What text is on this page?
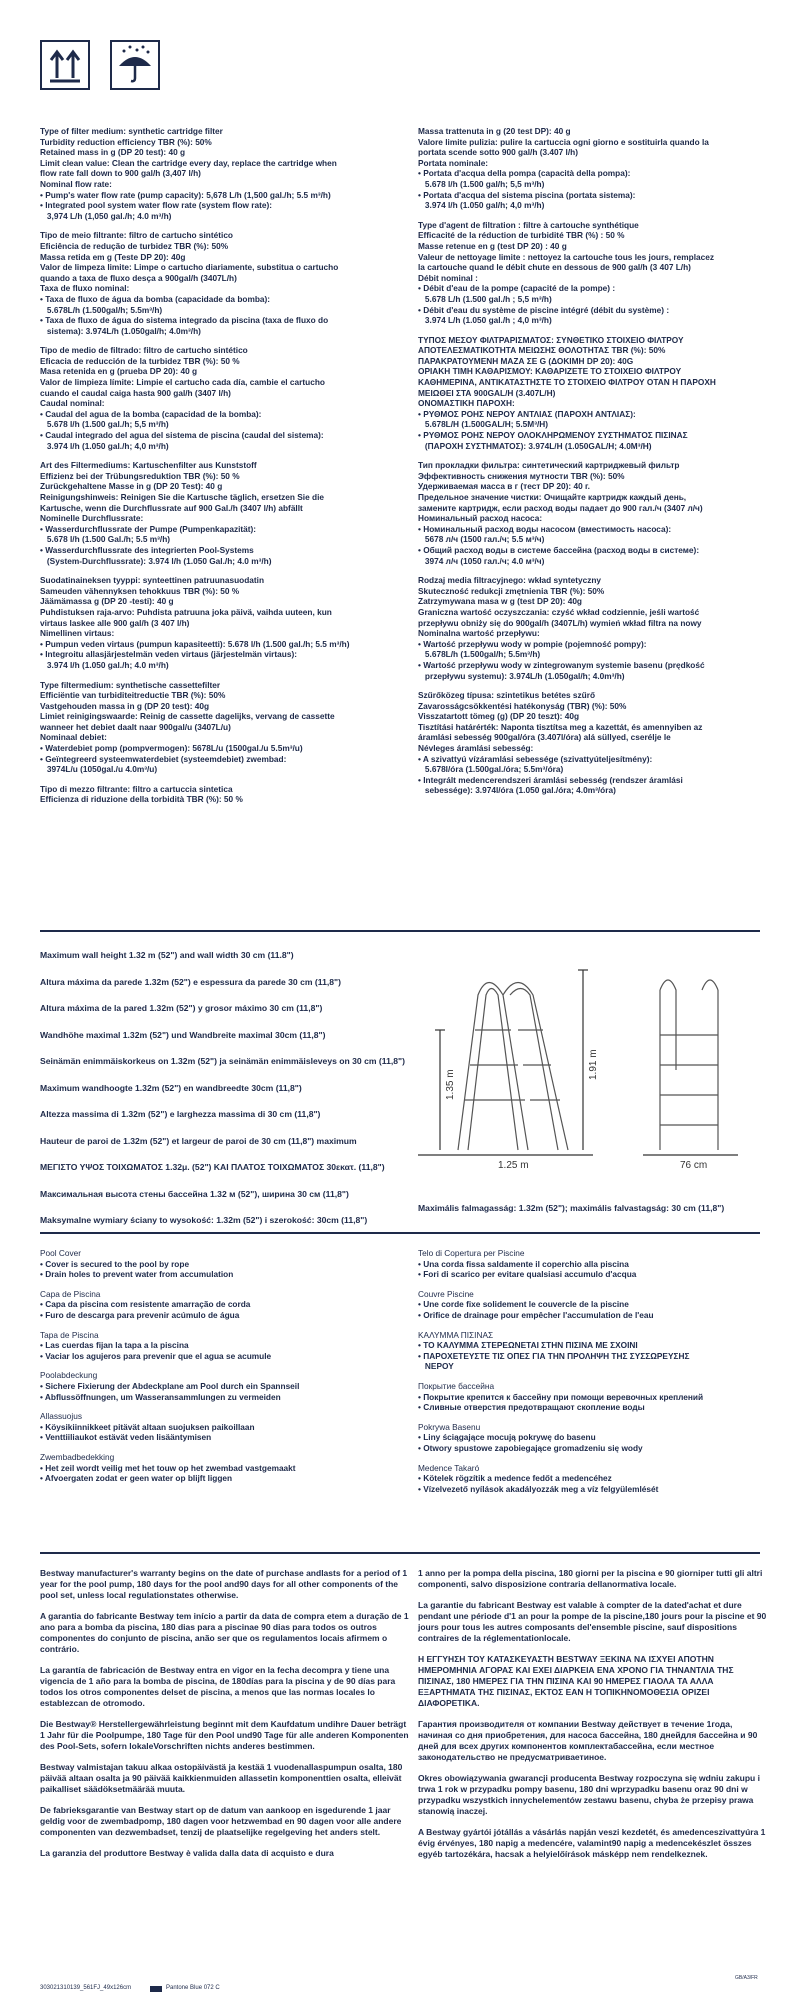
Type of filter medium: synthetic cartridge filter
Turbidity reduction efficiency TBR (%): 50%
Retained mass in g (DP 20 test): 40 g
Limit clean value: Clean the cartridge every day, replace the cartridge when
flow rate fall down to 900 gal/h (3,407 l/h)
Nominal flow rate:
• Pump's water flow rate (pump capacity): 5,678 L/h (1,500 gal./h; 5.5 m³/h)
• Integrated pool system water flow rate (system flow rate):
3,974 L/h (1,050 gal./h; 4.0 m³/h)

Tipo de meio filtrante: filtro de cartucho sintético
Eficiência de redução de turbidez TBR (%): 50%
Massa retida em g (Teste DP 20): 40g
Valor de limpeza limite: Limpe o cartucho diariamente, substitua o cartucho
quando a taxa de fluxo desça a 900gal/h (3407L/h)
Taxa de fluxo nominal:
• Taxa de fluxo de água da bomba (capacidade da bomba):
5.678L/h (1.500gal/h; 5.5m³/h)
• Taxa de fluxo de água do sistema integrado da piscina (taxa de fluxo do
sistema): 3.974L/h (1.050gal/h; 4.0m³/h)

Tipo de medio de filtrado: filtro de cartucho sintético
Eficacia de reducción de la turbidez TBR (%): 50 %
Masa retenida en g (prueba DP 20): 40 g
Valor de limpieza límite: Limpie el cartucho cada día, cambie el cartucho
cuando el caudal caiga hasta 900 gal/h (3407 l/h)
Caudal nominal:
• Caudal del agua de la bomba (capacidad de la bomba):
5.678 l/h (1.500 gal./h; 5,5 m³/h)
• Caudal integrado del agua del sistema de piscina (caudal del sistema):
3.974 l/h (1.050 gal./h; 4,0 m³/h)

Art des Filtermediums: Kartuschenfilter aus Kunststoff
Effizienz bei der Trübungsreduktion TBR (%): 50 %
Zurückgehaltene Masse in g (DP 20 Test): 40 g
Reinigungshinweis: Reinigen Sie die Kartusche täglich, ersetzen Sie die
Kartusche, wenn die Durchflussrate auf 900 Gal./h (3407 l/h) abfällt
Nominelle Durchflussrate:
• Wasserdurchflussrate der Pumpe (Pumpenkapazität):
5.678 l/h (1.500 Gal./h; 5.5 m³/h)
• Wasserdurchflussrate des integrierten Pool-Systems
(System-Durchflussrate): 3.974 l/h (1.050 Gal./h; 4.0 m³/h)

Suodatinaineksen tyyppi: synteettinen patruunasuodatin
Sameuden vähennyksen tehokkuus TBR (%): 50 %
Jäämämassa g (DP 20 -testi): 40 g
Puhdistuksen raja-arvo: Puhdista patruuna joka päivä, vaihda uuteen, kun
virtaus laskee alle 900 gal/h (3 407 l/h)
Nimellinen virtaus:
• Pumpun veden virtaus (pumpun kapasiteetti): 5.678 l/h (1.500 gal./h; 5.5 m³/h)
• Integroitu allasjärjestelmän veden virtaus (järjestelmän virtaus):
3.974 l/h (1.050 gal./h; 4.0 m³/h)

Type filtermedium: synthetische cassettefilter
Efficiëntie van turbiditeitreductie TBR (%): 50%
Vastgehouden massa in g (DP 20 test): 40g
Limiet reinigingswaarde: Reinig de cassette dagelijks, vervang de cassette
wanneer het debiet daalt naar 900gal/u (3407L/u)
Nominaal debiet:
• Waterdebiet pomp (pompvermogen): 5678L/u (1500gal./u 5.5m³/u)
• Geïntegreerd systeemwaterdebiet (systeemdebiet) zwembad:
3974L/u (1050gal./u 4.0m³/u)

Tipo di mezzo filtrante: filtro a cartuccia sintetica
Efficienza di riduzione della torbidità TBR (%): 50 %

Massa trattenuta in g (20 test DP): 40 g
Valore limite pulizia: pulire la cartuccia ogni giorno e sostituirla quando la
portata scende sotto 900 gal/h (3.407 l/h)
Portata nominale:
• Portata d'acqua della pompa (capacità della pompa):
5.678 l/h (1.500 gal/h; 5,5 m³/h)
• Portata d'acqua del sistema piscina (portata sistema):
3.974 l/h (1.050 gal/h; 4,0 m³/h)

Type d'agent de filtration : filtre à cartouche synthétique
Efficacité de la réduction de turbidité TBR (%) : 50 %
Masse retenue en g (test DP 20) : 40 g
Valeur de nettoyage limite : nettoyez la cartouche tous les jours, remplacez
la cartouche quand le débit chute en dessous de 900 gal/h (3 407 L/h)
Débit nominal :
• Débit d'eau de la pompe (capacité de la pompe) :
5.678 L/h (1.500 gal./h ; 5,5 m³/h)
• Débit d'eau du système de piscine intégré (débit du système) :
3.974 L/h (1.050 gal./h ; 4,0 m³/h)

ΤΥΠΟΣ ΜΕΣΟΥ ΦΙΛΤΡΑΡΙΣΜΑΤΟΣ: ΣΥΝΘΕΤΙΚΟ ΣΤΟΙΧΕΙΟ ΦΙΛΤΡΟΥ
ΑΠΟΤΕΛΕΣΜΑΤΙΚΟΤΗΤΑ ΜΕΙΩΣΗΣ ΘΟΛΟΤΗΤΑΣ TBR (%): 50%
ΠΑΡΑΚΡΑΤΟΥΜΕΝΗ ΜΑΖΑ ΣΕ G (ΔΟΚΙΜΗ DP 20): 40G
ΟΡΙΑΚΗ ΤΙΜΗ ΚΑΘΑΡΙΣΜΟΥ: ΚΑΘΑΡΙΖΕΤΕ ΤΟ ΣΤΟΙΧΕΙΟ ΦΙΛΤΡΟΥ
ΚΑΘΗΜΕΡΙΝΑ, ΑΝΤΙΚΑΤΑΣΤΗΣΤΕ ΤΟ ΣΤΟΙΧΕΙΟ ΦΙΛΤΡΟΥ ΟΤΑΝ Η ΠΑΡΟΧΗ
ΜΕΙΩΘΕΙ ΣΤΑ 900GAL/H (3.407L/H)
ΟΝΟΜΑΣΤΙΚΗ ΠΑΡΟΧΗ:
• ΡΥΘΜΟΣ ΡΟΗΣ ΝΕΡΟΥ ΑΝΤΛΙΑΣ (ΠΑΡΟΧΗ ΑΝΤΛΙΑΣ):
5.678L/H (1.500GAL/H; 5.5M³/H)
• ΡΥΘΜΟΣ ΡΟΗΣ ΝΕΡΟΥ ΟΛΟΚΛΗΡΩΜΕΝΟΥ ΣΥΣΤΗΜΑΤΟΣ ΠΙΣΙΝΑΣ
(ΠΑΡΟΧΗ ΣΥΣΤΗΜΑΤΟΣ): 3.974L/H (1.050GAL/H; 4.0M³/H)

Тип прокладки фильтра: синтетический картриджевый фильтр
Эффективность снижения мутности TBR (%): 50%
Удерживаемая масса в г (тест DP 20): 40 г.
Предельное значение чистки: Очищайте картридж каждый день,
замените картридж, если расход воды падает до 900 гал./ч (3407 л/ч)
Номинальный расход насоса:
• Номинальный расход воды насосом (вместимость насоса):
5678 л/ч (1500 гал./ч; 5.5 м³/ч)
• Общий расход воды в системе бассейна (расход воды в системе):
3974 л/ч (1050 гал./ч; 4.0 м³/ч)

Rodzaj media filtracyjnego: wkład syntetyczny
Skuteczność redukcji zmętnienia TBR (%): 50%
Zatrzymywana masa w g (test DP 20): 40g
Graniczna wartość oczyszczania: czyść wkład codziennie, jeśli wartość
przepływu obniży się do 900gal/h (3407L/h) wymień wkład filtra na nowy
Nominalna wartość przepływu:
• Wartość przepływu wody w pompie (pojemność pompy):
5.678L/h (1.500gal/h; 5.5m³/h)
• Wartość przepływu wody w zintegrowanym systemie basenu (prędkość
przepływu systemu): 3.974L/h (1.050gal/h; 4.0m³/h)

Szűrőközeg típusa: szintetikus betétes szűrő
Zavarosságcsökkentési hatékonyság (TBR) (%): 50%
Visszatartott tömeg (g) (DP 20 teszt): 40g
Tisztítási határérték: Naponta tisztítsa meg a kazettát, és amennyiben az
áramlási sebesség 900gal/óra (3.407l/óra) alá süllyed, cserélje le
Névleges áramlási sebesség:
• A szivattyú vízáramlási sebessége (szivattyúteljesítmény):
5.678l/óra (1.500gal./óra; 5.5m³/óra)
• Integrált medencerendszeri áramlási sebesség (rendszer áramlási
sebessége): 3.974l/óra (1.050 gal./óra; 4.0m³/óra)

Maximum wall height 1.32 m (52") and wall width 30 cm (11.8")
Altura máxima da parede 1.32m (52") e espessura da parede 30 cm (11,8")
Altura máxima de la pared 1.32m (52") y grosor máximo 30 cm (11,8")
Wandhöhe maximal 1.32m (52") und Wandbreite maximal 30cm (11,8")
Seinämän enimmäiskorkeus on 1.32m (52") ja seinämän enimmäisleveys on 30 cm (11,8")
Maximum wandhoogte 1.32m (52") en wandbreedte 30cm (11,8")
Altezza massima di 1.32m (52") e larghezza massima di 30 cm (11,8")
Hauteur de paroi de 1.32m (52") et largeur de paroi de 30 cm (11,8") maximum
ΜΕΓΙΣΤΟ ΥΨΟΣ ΤΟΙΧΩΜΑΤΟΣ 1.32μ. (52") ΚΑΙ ΠΛΑΤΟΣ ΤΟΙΧΩΜΑΤΟΣ 30εκατ. (11,8")
Максимальная высота стены бассейна 1.32 м (52"), ширина 30 см (11,8")
Maksymalne wymiary ściany to wysokość: 1.32m (52") i szerokość: 30cm (11,8")
Maximális falmagasság: 1.32m (52"); maximális falvastagság: 30 cm (11,8")
1.25 m	76 cm
1.91 m
1.35 m

Pool Cover
• Cover is secured to the pool by rope
• Drain holes to prevent water from accumulation

Capa de Piscina
• Capa da piscina com resistente amarração de corda
• Furo de descarga para prevenir acúmulo de água

Tapa de Piscina
• Las cuerdas fijan la tapa a la piscina
• Vaciar los agujeros para prevenir que el agua se acumule

Poolabdeckung
• Sichere Fixierung der Abdeckplane am Pool durch ein Spannseil
• Abflussöffnungen, um Wasseransammlungen zu vermeiden

Allassuojus
• Köysikiinnikkeet pitävät altaan suojuksen paikoillaan
• Venttiiliaukot estävät veden lisääntymisen

Zwembadbedekking
• Het zeil wordt veilig met het touw op het zwembad vastgemaakt
• Afvoergaten zodat er geen water op blijft liggen

Telo di Copertura per Piscine
• Una corda fissa saldamente il coperchio alla piscina
• Fori di scarico per evitare qualsiasi accumulo d'acqua

Couvre Piscine
• Une corde fixe solidement le couvercle de la piscine
• Orifice de drainage pour empêcher l'accumulation de l'eau

ΚΑΛΥΜΜΑ ΠΙΣΙΝΑΣ
• ΤΟ ΚΑΛΥΜΜΑ ΣΤΕΡΕΩΝΕΤΑΙ ΣΤΗΝ ΠΙΣΙΝΑ ΜΕ ΣΧΟΙΝΙ
• ΠΑΡΟΧΕΤΕΥΣΤΕ ΤΙΣ ΟΠΕΣ ΓΙΑ ΤΗΝ ΠΡΟΛΗΨΗ ΤΗΣ ΣΥΣΣΩΡΕΥΣΗΣ
ΝΕΡΟΥ

Покрытие бассейна
• Покрытие крепится к бассейну при помощи веревочных креплений
• Сливные отверстия предотвращают скопление воды

Pokrywa Basenu
• Liny ściągające mocują pokrywę do basenu
• Otwory spustowe zapobiegające gromadzeniu się wody

Medence Takaró
• Kötelek rögzítik a medence fedőt a medencéhez
• Vízelvezető nyílások akadályozzák meg a víz felgyülemlését

Bestway manufacturer's warranty begins on the date of purchase andlasts for a period of 1 year for the pool pump, 180 days for the pool and90 days for all other components of the pool set, unless local regulationstates otherwise.

A garantia do fabricante Bestway tem início a partir da data de compra etem a duração de 1 ano para a bomba da piscina, 180 dias para a piscinae 90 dias para todos os outros componentes do conjunto de piscina, anão ser que os regulamentos locais afirmem o contrário.

La garantía de fabricación de Bestway entra en vigor en la fecha decompra y tiene una vigencia de 1 año para la bomba de piscina, de 180días para la piscina y de 90 días para todos los otros componentes delset de piscina, a menos que las normas locales lo establezcan de otromodo.

Die Bestway® Herstellergewährleistung beginnt mit dem Kaufdatum undihre Dauer beträgt 1 Jahr für die Poolpumpe, 180 Tage für den Pool und90 Tage für alle anderen Komponenten des Pool-Sets, sofern lokaleVorschriften nichts anderes bestimmen.

Bestway valmistajan takuu alkaa ostopäivästä ja kestää 1 vuodenallaspumpun osalta, 180 päivää altaan osalta ja 90 päivää kaikkienmuiden allassetin komponenttien osalta, elleivät paikalliset säädöksetmäärää muuta.

De fabrieksgarantie van Bestway start op de datum van aankoop en isgedurende 1 jaar geldig voor de zwembadpomp, 180 dagen voor hetzwembad en 90 dagen voor alle andere componenten van dezwembadset, tenzij de plaatselijke regelgeving het anders stelt.

La garanzia del produttore Bestway è valida dalla data di acquisto e dura

1 anno per la pompa della piscina, 180 giorni per la piscina e 90 giorniper tutti gli altri componenti, salvo disposizione contraria dellanormativa locale.

La garantie du fabricant Bestway est valable à compter de la dated'achat et dure pendant une période d'1 an pour la pompe de la piscine,180 jours pour la piscine et 90 jours pour tous les autres composants del'ensemble piscine, sauf dispositions contraires de la réglementationlocale.

Η ΕΓΓΥΗΣΗ ΤΟΥ ΚΑΤΑΣΚΕΥΑΣΤΗ BESTWAY ΞΕΚΙΝΑ ΝΑ ΙΣΧΥΕΙ ΑΠΟΤΗΝ ΗΜΕΡΟΜΗΝΙΑ ΑΓΟΡΑΣ ΚΑΙ ΕΧΕΙ ΔΙΑΡΚΕΙΑ ΕΝΑ ΧΡΟΝΟ ΓΙΑ ΤΗΝΑΝΤΛΙΑ ΤΗΣ ΠΙΣΙΝΑΣ, 180 ΗΜΕΡΕΣ ΓΙΑ ΤΗΝ ΠΙΣΙΝΑ ΚΑΙ 90 ΗΜΕΡΕΣ ΓΙΑΟΛΑ ΤΑ ΑΛΛΑ ΕΞΑΡΤΗΜΑΤΑ ΤΗΣ ΠΙΣΙΝΑΣ, ΕΚΤΟΣ ΕΑΝ Η ΤΟΠΙΚΗΝΟΜΟΘΕΣΙΑ ΟΡΙΖΕΙ ΔΙΑΦΟΡΕΤΙΚΑ.

Гарантия производителя от компании Bestway действует в течение 1года, начиная со дня приобретения, для насоса бассейна, 180 днейдля бассейна и 90 дней для всех других компонентов комплектабассейна, если местное законодательство не предусматриваетиное.

Okres obowiązywania gwarancji producenta Bestway rozpoczyna się wdniu zakupu i trwa 1 rok w przypadku pompy basenu, 180 dni wprzypadku basenu oraz 90 dni w przypadku wszystkich innychelementów zestawu basenu, chyba że przepisy prawa stanowią inaczej.

A Bestway gyártói jótállás a vásárlás napján veszi kezdetét, és amedenceszivattyúra 1 évig érvényes, 180 napig a medencére, valamint90 napig a medencekészlet összes egyéb tartozékára, hacsak a helyielőírások másképp nem rendelkeznek.

303021310139_561FJ_49x126cm	Pantone Blue 072 C
GB/A3/FR
